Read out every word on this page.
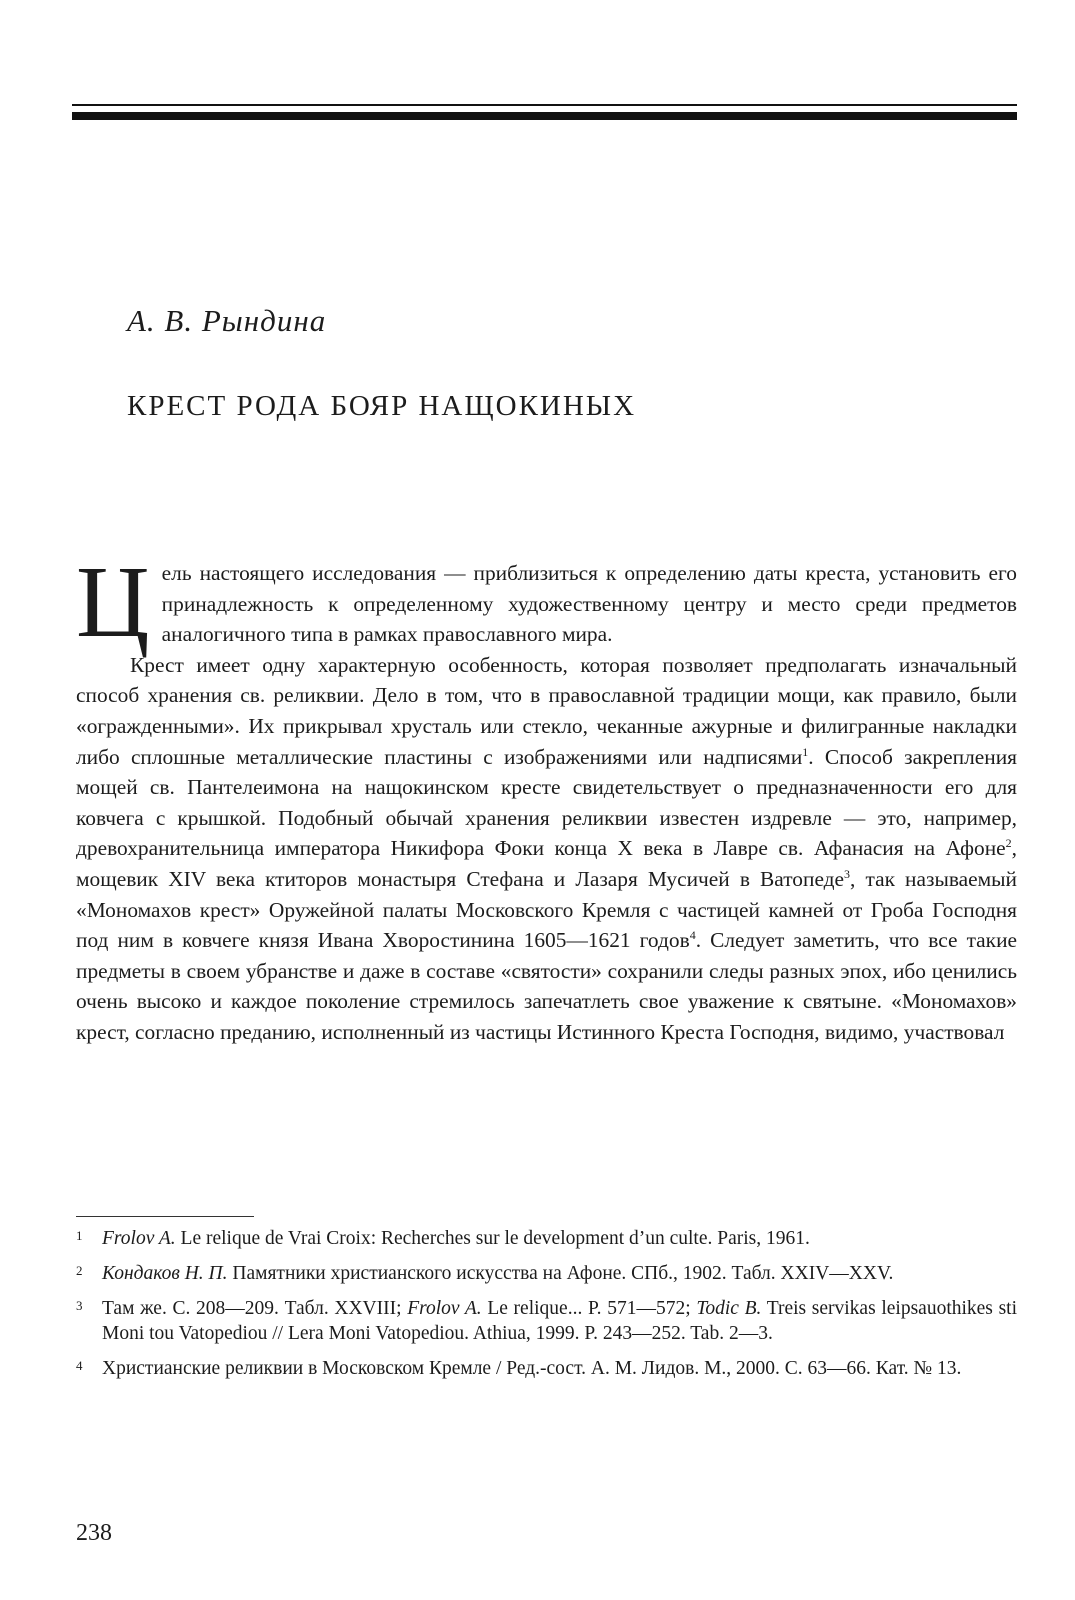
А. В. Рындина
КРЕСТ РОДА БОЯР НАЩОКИНЫХ

Цель настоящего исследования — приблизиться к определению даты креста, установить его принадлежность к определенному художественному центру и место среди предметов аналогичного типа в рамках православного мира.

Крест имеет одну характерную особенность, которая позволяет предполагать изначальный способ хранения св. реликвии. Дело в том, что в православной традиции мощи, как правило, были «огражденными». Их прикрывал хрусталь или стекло, чеканные ажурные и филигранные накладки либо сплошные металлические пластины с изображениями или надписями$^1$. Способ закрепления мощей св. Пантелеимона на нащокинском кресте свидетельствует о предназначенности его для ковчега с крышкой. Подобный обычай хранения реликвии известен издревле — это, например, древохранительница императора Никифора Фоки конца X века в Лавре св. Афанасия на Афоне$^2$, мощевик XIV века ктиторов монастыря Стефана и Лазаря Мусичей в Ватопеде$^3$, так называемый «Мономахов крест» Оружейной палаты Московского Кремля с частицей камней от Гроба Господня под ним в ковчеге князя Ивана Хворостинина 1605—1621 годов$^4$. Следует заметить, что все такие предметы в своем убранстве и даже в составе «святости» сохранили следы разных эпох, ибо ценились очень высоко и каждое поколение стремилось запечатлеть свое уважение к святыне. «Мономахов» крест, согласно преданию, исполненный из частицы Истинного Креста Господня, видимо, участвовал

1	Frolov A. Le relique de Vrai Croix: Recherches sur le development d’un culte. Paris, 1961.
2	Кондаков Н. П. Памятники христианского искусства на Афоне. СПб., 1902. Табл. XXIV—XXV.
3	Там же. С. 208—209. Табл. XXVIII; Frolov A. Le relique... P. 571—572; Todic B. Treis servikas leipsauothikes sti Moni tou Vatopediou // Lera Moni Vatopediou. Athiua, 1999. P. 243—252. Tab. 2—3.
4	Христианские реликвии в Московском Кремле / Ред.-сост. А. М. Лидов. М., 2000. С. 63—66. Кат. № 13.
238
